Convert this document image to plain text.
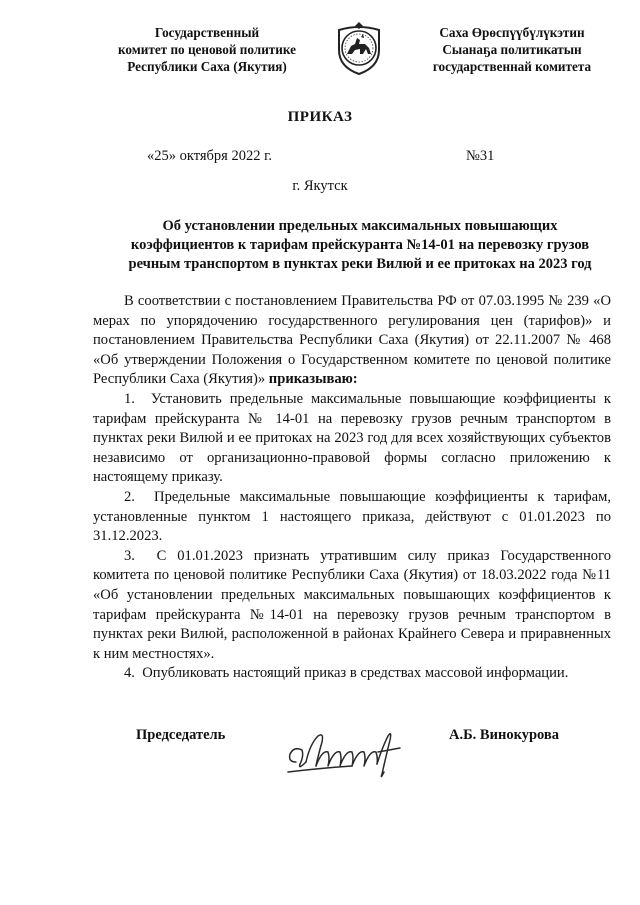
Государственный
комитет по ценовой политике
Республики Саха (Якутия)
Саха Өрөспүүбүлүкэтин
Сыанаҕа политикатын
государственнай комитета
ПРИКАЗ
«25» октября 2022 г.	№31
г. Якутск
Об установлении предельных максимальных повышающих
коэффициентов к тарифам прейскуранта №14-01 на перевозку грузов
речным транспортом в пунктах реки Вилюй и ее притоках на 2023 год

В соответствии с постановлением Правительства РФ от 07.03.1995 № 239 «О мерах по упорядочению государственного регулирования цен (тарифов)» и постановлением Правительства Республики Саха (Якутия) от 22.11.2007 № 468 «Об утверждении Положения о Государственном комитете по ценовой политике Республики Саха (Якутия)» приказываю:

1.  Установить предельные максимальные повышающие коэффициенты к тарифам прейскуранта № 14-01 на перевозку грузов речным транспортом в пунктах реки Вилюй и ее притоках на 2023 год для всех хозяйствующих субъектов независимо от организационно-правовой формы согласно приложению к настоящему приказу.

2.  Предельные максимальные повышающие коэффициенты к тарифам, установленные пунктом 1 настоящего приказа, действуют с 01.01.2023 по 31.12.2023.

3.  С 01.01.2023 признать утратившим силу приказ Государственного комитета по ценовой политике Республики Саха (Якутия) от 18.03.2022 года №11 «Об установлении предельных максимальных повышающих коэффициентов к тарифам прейскуранта №14-01 на перевозку грузов речным транспортом в пунктах реки Вилюй, расположенной в районах Крайнего Севера и приравненных к ним местностях».

4.  Опубликовать настоящий приказ в средствах массовой информации.

Председатель	А.Б. Винокурова
